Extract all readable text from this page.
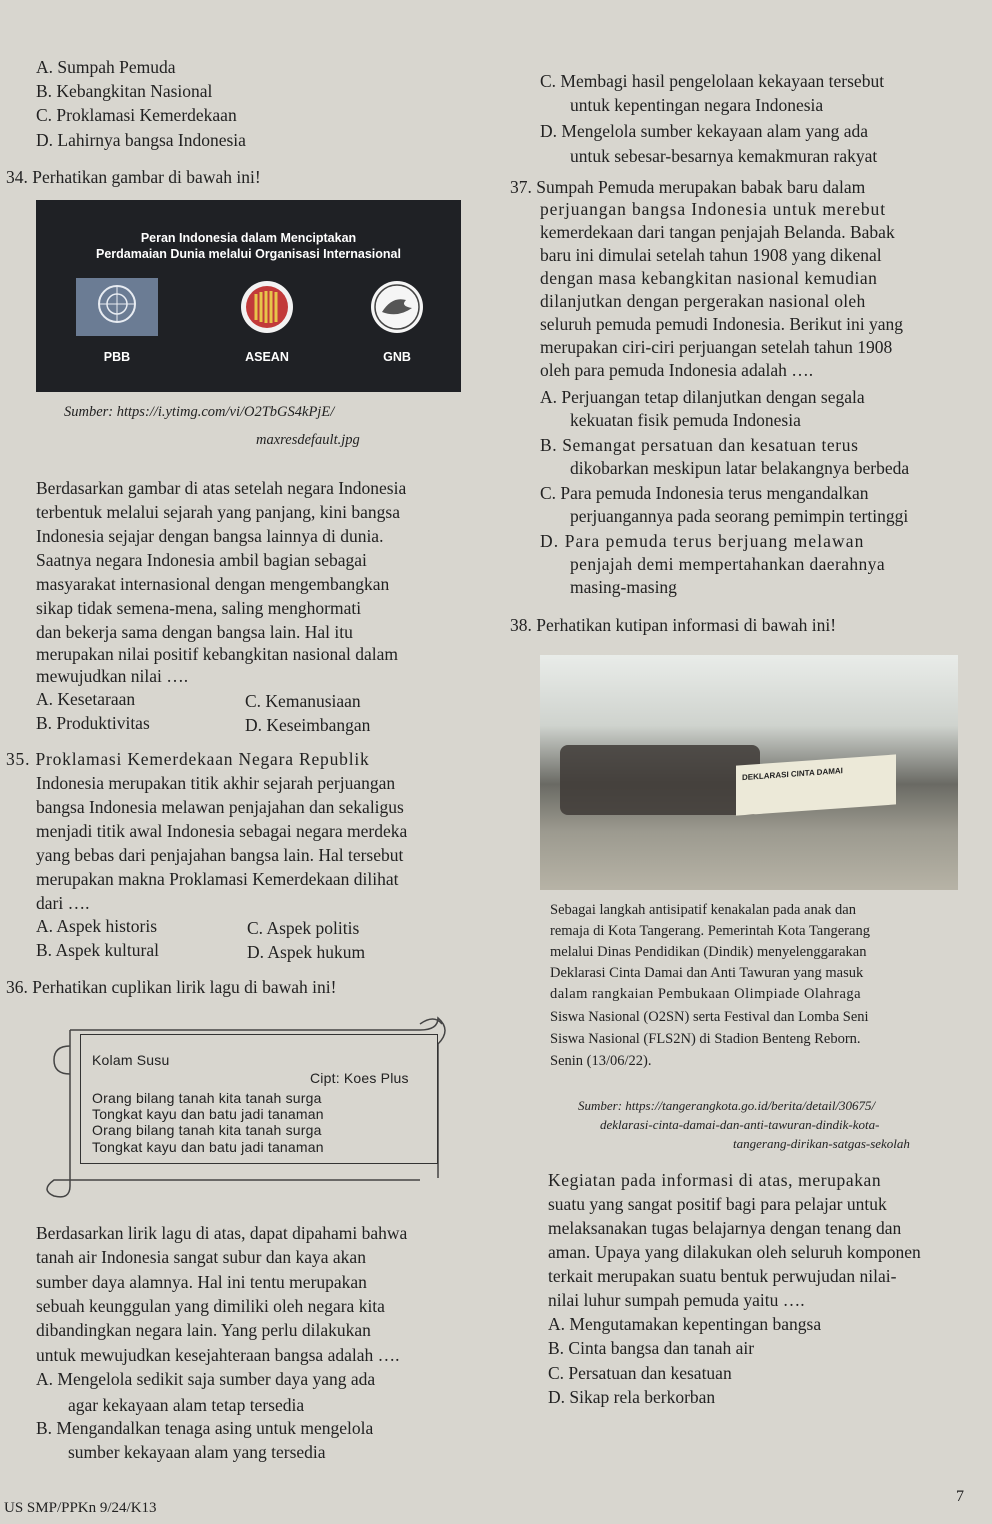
A. Sumpah Pemuda
B. Kebangkitan Nasional
C. Proklamasi Kemerdekaan
D. Lahirnya bangsa Indonesia
C. Membagi hasil pengelolaan kekayaan tersebut
untuk kepentingan negara Indonesia
D. Mengelola sumber kekayaan alam yang ada
untuk sebesar-besarnya kemakmuran rakyat
34. Perhatikan gambar di bawah ini!
Peran Indonesia dalam Menciptakan
Perdamaian Dunia melalui Organisasi Internasional
PBB	ASEAN	GNB
Sumber: https://i.ytimg.com/vi/O2TbGS4kPjE/
maxresdefault.jpg
Berdasarkan gambar di atas setelah negara Indonesia
terbentuk melalui sejarah yang panjang, kini bangsa
Indonesia sejajar dengan bangsa lainnya di dunia.
Saatnya negara Indonesia ambil bagian sebagai
masyarakat internasional dengan mengembangkan
sikap tidak semena-mena, saling menghormati
dan bekerja sama dengan bangsa lain. Hal itu
merupakan nilai positif kebangkitan nasional dalam
mewujudkan nilai ….
A. Kesetaraan	C. Kemanusiaan
B. Produktivitas	D. Keseimbangan
35. Proklamasi Kemerdekaan Negara Republik
Indonesia merupakan titik akhir sejarah perjuangan
bangsa Indonesia melawan penjajahan dan sekaligus
menjadi titik awal Indonesia sebagai negara merdeka
yang bebas dari penjajahan bangsa lain. Hal tersebut
merupakan makna Proklamasi Kemerdekaan dilihat
dari ….
A. Aspek historis	C. Aspek politis
B. Aspek kultural	D. Aspek hukum
36. Perhatikan cuplikan lirik lagu di bawah ini!
Kolam Susu
Cipt: Koes Plus
Orang bilang tanah kita tanah surga
Tongkat kayu dan batu jadi tanaman
Orang bilang tanah kita tanah surga
Tongkat kayu dan batu jadi tanaman
Berdasarkan lirik lagu di atas, dapat dipahami bahwa
tanah air Indonesia sangat subur dan kaya akan
sumber daya alamnya. Hal ini tentu merupakan
sebuah keunggulan yang dimiliki oleh negara kita
dibandingkan negara lain. Yang perlu dilakukan
untuk mewujudkan kesejahteraan bangsa adalah ….
A. Mengelola sedikit saja sumber daya yang ada
agar kekayaan alam tetap tersedia
B. Mengandalkan tenaga asing untuk mengelola
sumber kekayaan alam yang tersedia
37. Sumpah Pemuda merupakan babak baru dalam
perjuangan bangsa Indonesia untuk merebut
kemerdekaan dari tangan penjajah Belanda. Babak
baru ini dimulai setelah tahun 1908 yang dikenal
dengan masa kebangkitan nasional kemudian
dilanjutkan dengan pergerakan nasional oleh
seluruh pemuda pemudi Indonesia. Berikut ini yang
merupakan ciri-ciri perjuangan setelah tahun 1908
oleh para pemuda Indonesia adalah ….
A. Perjuangan tetap dilanjutkan dengan segala
kekuatan fisik pemuda Indonesia
B. Semangat persatuan dan kesatuan terus
dikobarkan meskipun latar belakangnya berbeda
C. Para pemuda Indonesia terus mengandalkan
perjuangannya pada seorang pemimpin tertinggi
D. Para pemuda terus berjuang melawan
penjajah demi mempertahankan daerahnya
masing-masing
38. Perhatikan kutipan informasi di bawah ini!
DEKLARASI CINTA DAMAI
Sebagai langkah antisipatif kenakalan pada anak dan
remaja di Kota Tangerang. Pemerintah Kota Tangerang
melalui Dinas Pendidikan (Dindik) menyelenggarakan
Deklarasi Cinta Damai dan Anti Tawuran yang masuk
dalam rangkaian Pembukaan Olimpiade Olahraga
Siswa Nasional (O2SN) serta Festival dan Lomba Seni
Siswa Nasional (FLS2N) di Stadion Benteng Reborn.
Senin (13/06/22).
Sumber: https://tangerangkota.go.id/berita/detail/30675/
deklarasi-cinta-damai-dan-anti-tawuran-dindik-kota-
tangerang-dirikan-satgas-sekolah
Kegiatan pada informasi di atas, merupakan
suatu yang sangat positif bagi para pelajar untuk
melaksanakan tugas belajarnya dengan tenang dan
aman. Upaya yang dilakukan oleh seluruh komponen
terkait merupakan suatu bentuk perwujudan nilai-
nilai luhur sumpah pemuda yaitu ….
A. Mengutamakan kepentingan bangsa
B. Cinta bangsa dan tanah air
C. Persatuan dan kesatuan
D. Sikap rela berkorban
US SMP/PPKn 9/24/K13
7
